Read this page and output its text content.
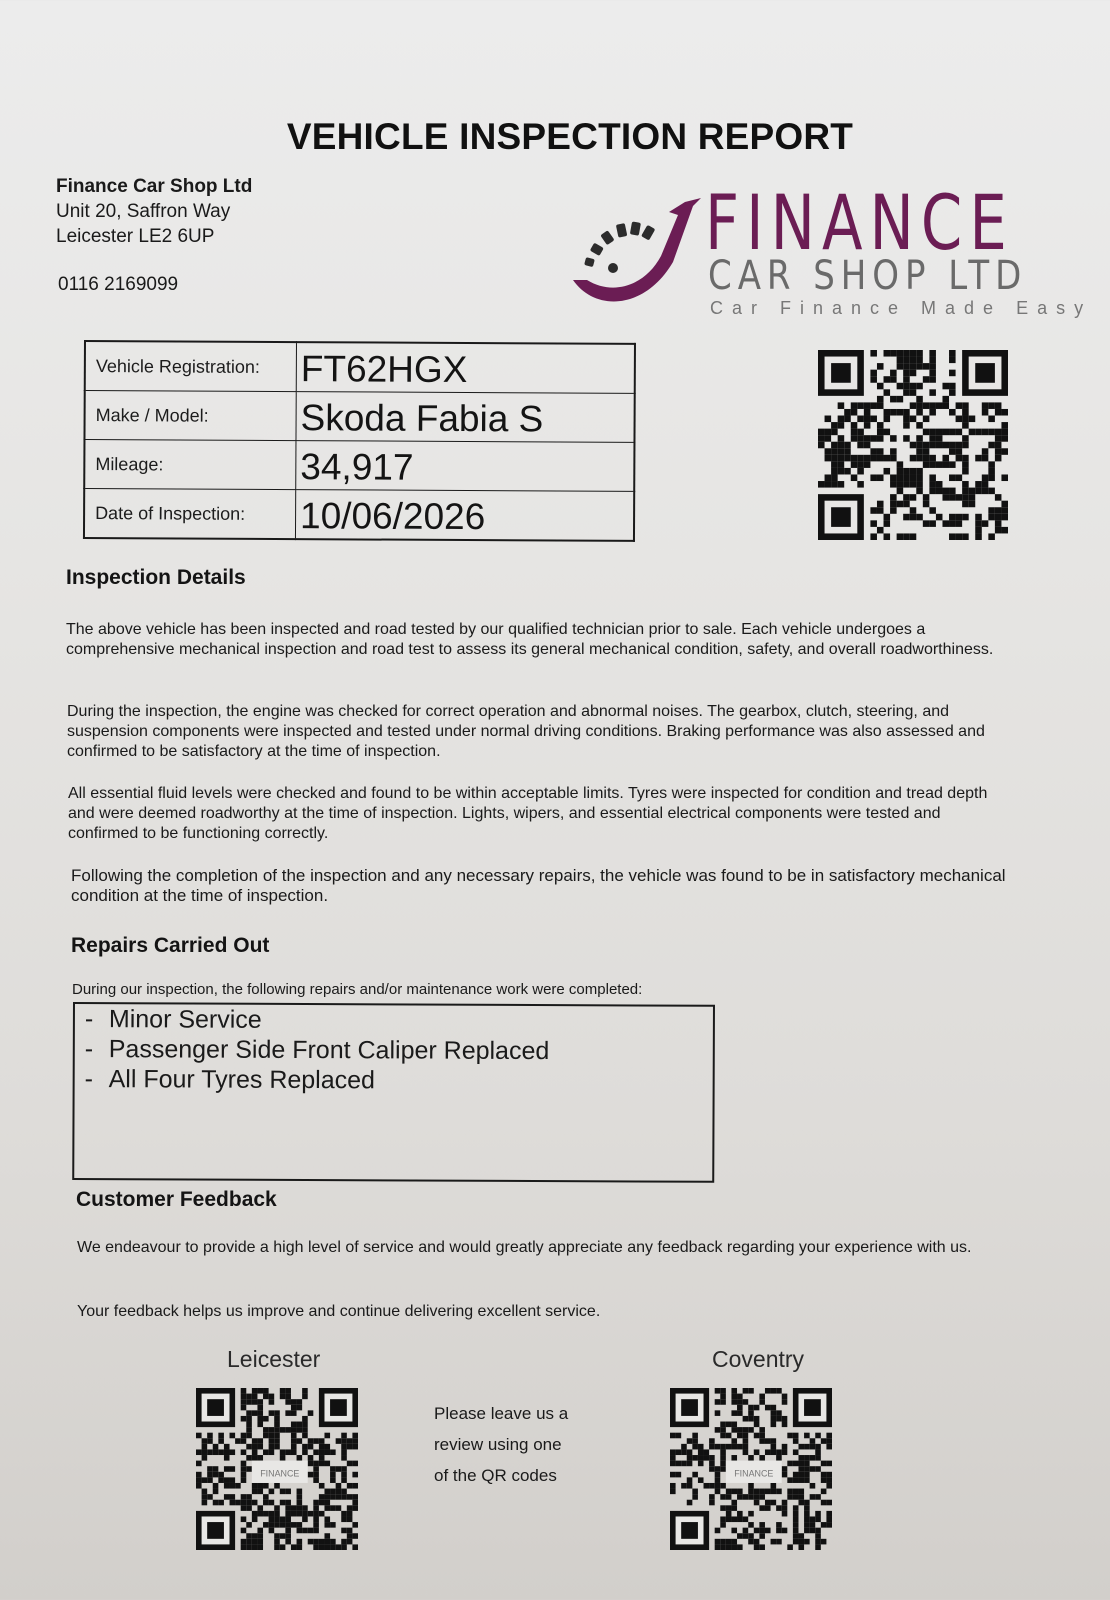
VEHICLE INSPECTION REPORT
Finance Car Shop Ltd
Unit 20, Saffron Way
Leicester LE2 6UP
0116 2169099
FINANCE
CAR SHOP LTD
Car Finance Made Easy
Vehicle Registration:	FT62HGX
Make / Model:	Skoda Fabia S
Mileage:	34,917
Date of Inspection:	10/06/2026
Inspection Details
The above vehicle has been inspected and road tested by our qualified technician prior to sale. Each vehicle undergoes a comprehensive mechanical inspection and road test to assess its general mechanical condition, safety, and overall roadworthiness.
During the inspection, the engine was checked for correct operation and abnormal noises. The gearbox, clutch, steering, and suspension components were inspected and tested under normal driving conditions. Braking performance was also assessed and confirmed to be satisfactory at the time of inspection.
All essential fluid levels were checked and found to be within acceptable limits. Tyres were inspected for condition and tread depth and were deemed roadworthy at the time of inspection. Lights, wipers, and essential electrical components were tested and confirmed to be functioning correctly.
Following the completion of the inspection and any necessary repairs, the vehicle was found to be in satisfactory mechanical condition at the time of inspection.
Repairs Carried Out
During our inspection, the following repairs and/or maintenance work were completed:
- Minor Service
- Passenger Side Front Caliper Replaced
- All Four Tyres Replaced
Customer Feedback
We endeavour to provide a high level of service and would greatly appreciate any feedback regarding your experience with us.
Your feedback helps us improve and continue delivering excellent service.
Leicester	Coventry
FINANCE	FINANCE
Please leave us a
review using one
of the QR codes
